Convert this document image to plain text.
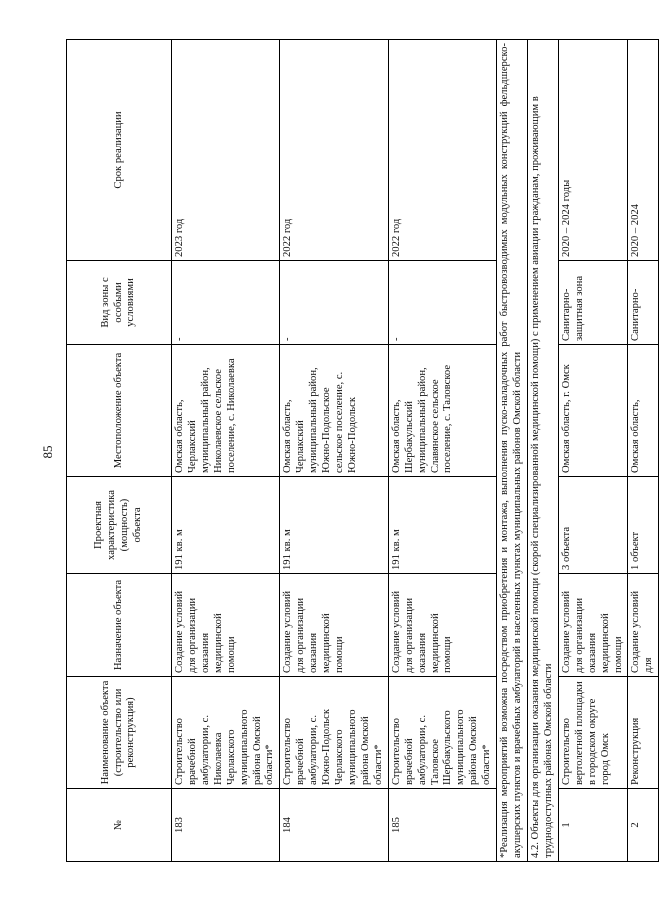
85
№	Наименование объекта (строительство или реконструкция)	Назначение объекта	Проектная характеристика (мощность) объекта	Местоположение объекта	Вид зоны с особыми условиями	Срок реализации
183	Строительство врачебной амбулатории, с. Николаевка Черлакского муниципального района Омской области*	Создание условий для организации оказания медицинской помощи	191 кв. м	Омская область, Черлакский муниципальный район, Николаевское сельское поселение, с. Николаевка	-	2023 год
184	Строительство врачебной амбулатории, с. Южно-Подольск Черлакского муниципального района Омской области*	Создание условий для организации оказания медицинской помощи	191 кв. м	Омская область, Черлакский муниципальный район, Южно-Подольское сельское поселение, с. Южно-Подольск	-	2022 год
185	Строительство врачебной амбулатории, с. Таловское Шербакульского муниципального района Омской области*	Создание условий для организации оказания медицинской помощи	191 кв. м	Омская область, Шербакульский муниципальный район, Славянское сельское поселение, с. Таловское	-	2022 год
*Реализация мероприятий возможна посредством приобретения и монтажа, выполнения пуско-наладочных работ быстровозводимых модульных конструкций фельдшерско-акушерских пунктов и врачебных амбулаторий в населенных пунктах муниципальных районов Омской области						
4.2. Объекты для организации оказания медицинской помощи (скорой специализированной медицинской помощи) с применением авиации гражданам, проживающим в труднодоступных районах Омской области						
1	Строительство вертолетной площадки в городском округе город Омск	Создание условий для организации оказания медицинской помощи	3 объекта	Омская область, г. Омск	Санитарно-защитная зона	2020 – 2024 годы
2	Реконструкция	Создание условий для	1 объект	Омская область,	Санитарно-	2020 – 2024
